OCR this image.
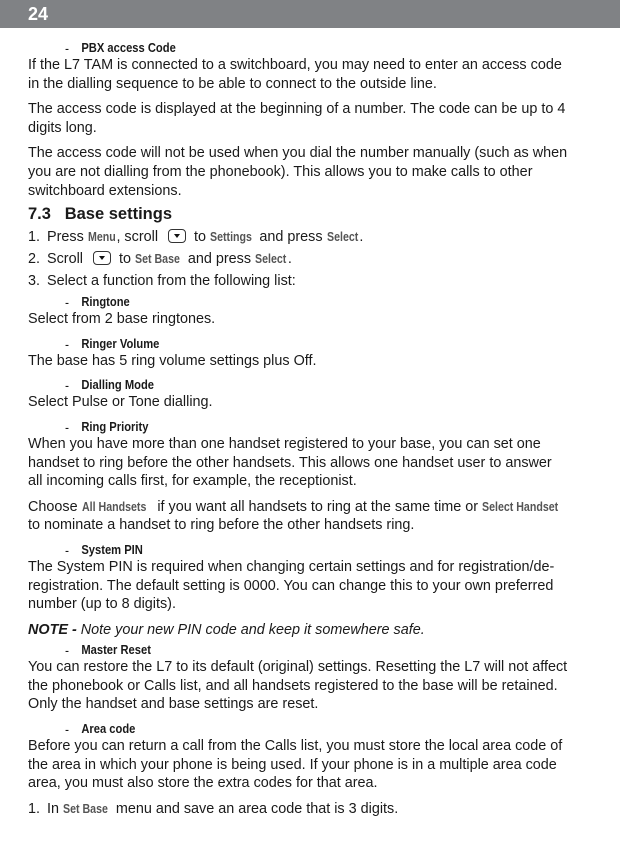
24
- PBX access Code

If the L7 TAM is connected to a switchboard, you may need to enter an access code in the dialling sequence to be able to connect to the outside line.

The access code is displayed at the beginning of a number. The code can be up to 4 digits long.

The access code will not be used when you dial the number manually (such as when you are not dialling from the phonebook). This allows you to make calls to other switchboard extensions.

7.3 Base settings
1. Press Menu, scroll	to Settings and press Select .
2. Scroll	to Set Base and press Select .
3. Select a function from the following list:
- Ringtone

Select from 2 base ringtones.

- Ringer Volume

The base has 5 ring volume settings plus Off.

- Dialling Mode

Select Pulse or Tone dialling.

- Ring Priority

When you have more than one handset registered to your base, you can set one handset to ring before the other handsets. This allows one handset user to answer all incoming calls first, for example, the receptionist.

Choose All Handsets if you want all handsets to ring at the same time or Select Handset to nominate a handset to ring before the other handsets ring.

- System PIN

The System PIN is required when changing certain settings and for registration/de-registration. The default setting is 0000. You can change this to your own preferred number (up to 8 digits).

NOTE - Note your new PIN code and keep it somewhere safe.

- Master Reset

You can restore the L7 to its default (original) settings. Resetting the L7 will not affect the phonebook or Calls list, and all handsets registered to the base will be retained. Only the handset and base settings are reset.

- Area code

Before you can return a call from the Calls list, you must store the local area code of the area in which your phone is being used. If your phone is in a multiple area code area, you must also store the extra codes for that area.

1. In Set Base menu and save an area code that is 3 digits.
